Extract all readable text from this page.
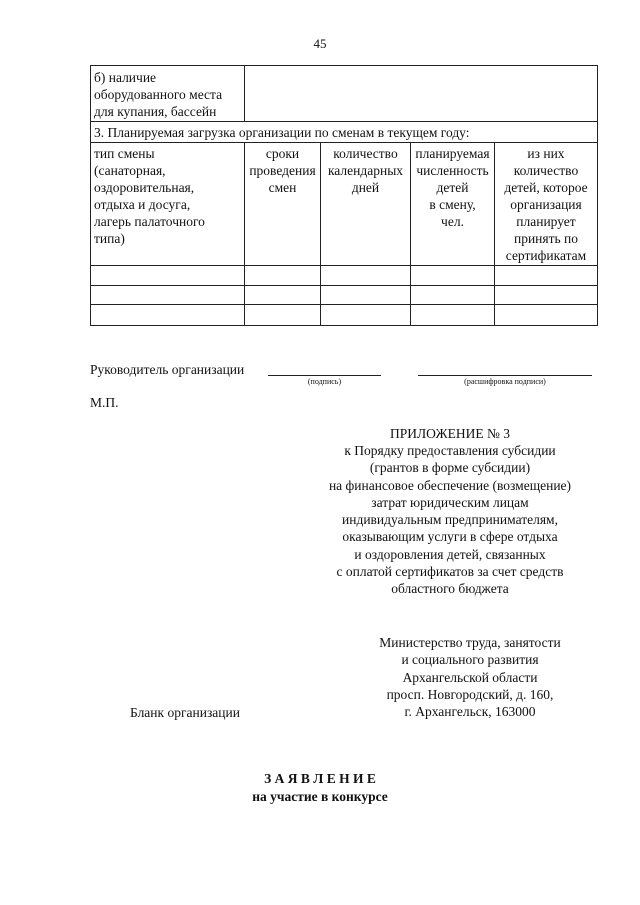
45
б) наличие
оборудованного места
для купания, бассейн
3. Планируемая загрузка организации по сменам в текущем году:
тип смены
(санаторная,
оздоровительная,
отдыха и досуга,
лагерь палаточного
типа)
сроки
проведения
смен
количество
календарных
дней
планируемая
численность
детей
в смену,
чел.
из них
количество
детей, которое
организация
планирует
принять по
сертификатам
Руководитель организации
(подпись)	(расшифровка подписи)
М.П.
ПРИЛОЖЕНИЕ № 3
к Порядку предоставления субсидии
(грантов в форме субсидии)
на финансовое обеспечение (возмещение)
затрат юридическим лицам
индивидуальным предпринимателям,
оказывающим услуги в сфере отдыха
и оздоровления детей, связанных
с оплатой сертификатов за счет средств
областного бюджета
Министерство труда, занятости
и социального развития
Архангельской области
просп. Новгородский, д. 160,
г. Архангельск, 163000
Бланк организации
З А Я В Л Е Н И Е
на участие в конкурсе
